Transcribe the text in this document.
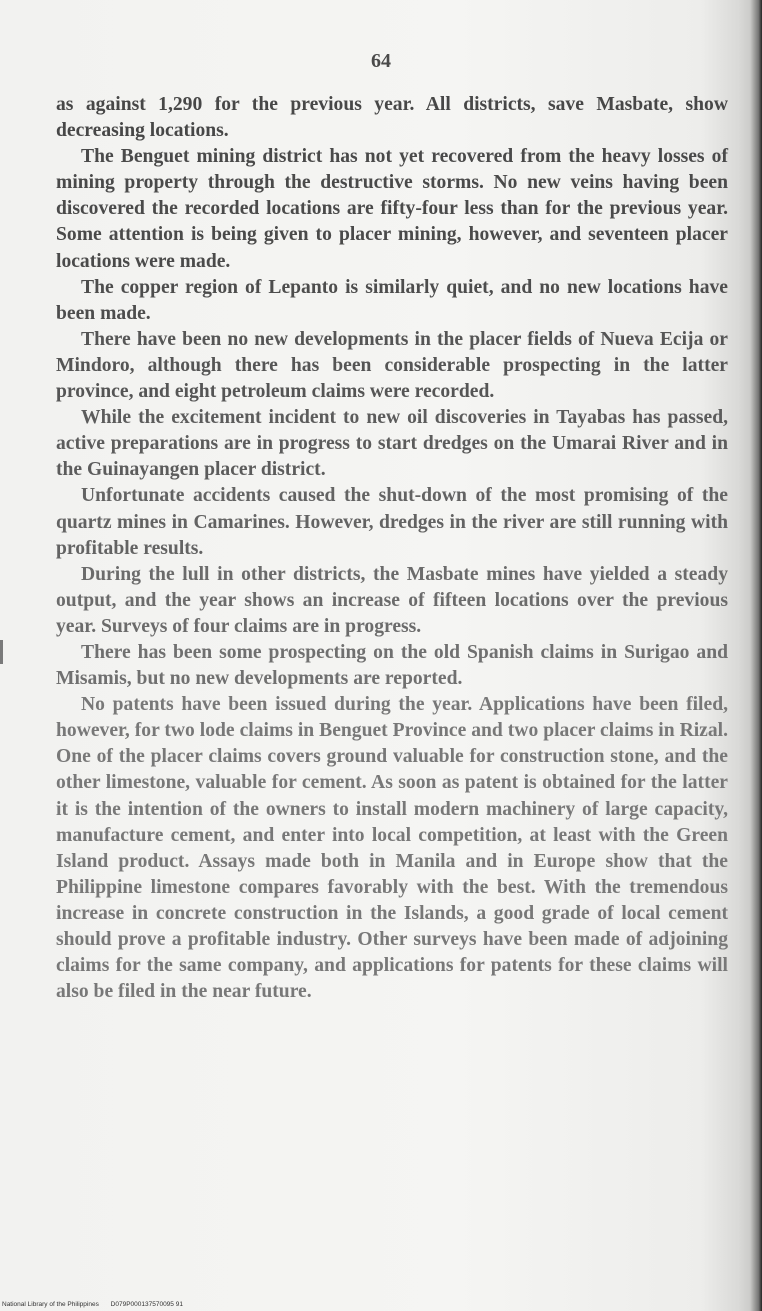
64

as against 1,290 for the previous year. All districts, save Masbate, show decreasing locations.

The Benguet mining district has not yet recovered from the heavy losses of mining property through the destructive storms. No new veins having been discovered the recorded locations are fifty-four less than for the previous year. Some attention is being given to placer mining, however, and seventeen placer locations were made.

The copper region of Lepanto is similarly quiet, and no new locations have been made.

There have been no new developments in the placer fields of Nueva Ecija or Mindoro, although there has been considerable prospecting in the latter province, and eight petroleum claims were recorded.

While the excitement incident to new oil discoveries in Tayabas has passed, active preparations are in progress to start dredges on the Umarai River and in the Guinayangen placer district.

Unfortunate accidents caused the shut-down of the most promising of the quartz mines in Camarines. However, dredges in the river are still running with profitable results.

During the lull in other districts, the Masbate mines have yielded a steady output, and the year shows an increase of fifteen locations over the previous year. Surveys of four claims are in progress.

There has been some prospecting on the old Spanish claims in Surigao and Misamis, but no new developments are reported.

No patents have been issued during the year. Applications have been filed, however, for two lode claims in Benguet Province and two placer claims in Rizal. One of the placer claims covers ground valuable for construction stone, and the other limestone, valuable for cement. As soon as patent is obtained for the latter it is the intention of the owners to install modern machinery of large capacity, manufacture cement, and enter into local competition, at least with the Green Island product. Assays made both in Manila and in Europe show that the Philippine limestone compares favorably with the best. With the tremendous increase in concrete construction in the Islands, a good grade of local cement should prove a profitable industry. Other surveys have been made of adjoining claims for the same company, and applications for patents for these claims will also be filed in the near future.

National Library of the Philippines D079P000137570095 91
